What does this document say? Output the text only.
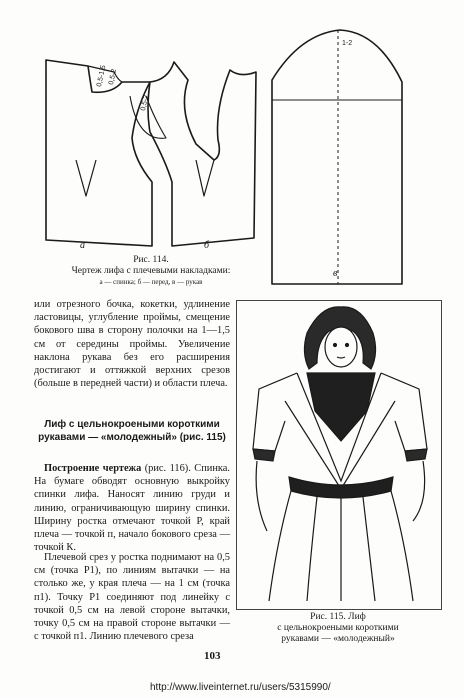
0,5-1,5 0,5-2
0,5-2
1-2
а	б
в
Рис. 114.
Чертеж лифа с плечевыми накладками:
а — спинка; б — перед, в — рукав
или отрезного бочка, кокетки, удлинение ластовицы, углубление проймы, смещение бокового шва в сторону полочки на 1—1,5 см от середины проймы. Увеличение наклона рукава без его расширения достигают и оттяжкой верхних срезов (больше в передней части) и области плеча.
Лиф с цельнокроеными короткими рукавами — «молодежный» (рис. 115)
Построение чертежа (рис. 116). Спинка. На бумаге обводят основную выкройку спинки лифа. Наносят линию груди и линию, ограничивающую ширину спинки. Ширину ростка отмечают точкой P, край плеча — точкой п, начало бокового среза — точкой К.
Плечевой срез у ростка поднимают на 0,5 см (точка P1), по линиям вытачки — на столько же, у края плеча — на 1 см (точка п1). Точку P1 соединяют под линейку с точкой 0,5 см на левой стороне вытачки, точку 0,5 см на правой стороне вытачки — с точкой п1. Линию плечевого среза
Рис. 115. Лиф
с цельнокроеными короткими
рукавами — «молодежный»
103
http://www.liveinternet.ru/users/5315990/
